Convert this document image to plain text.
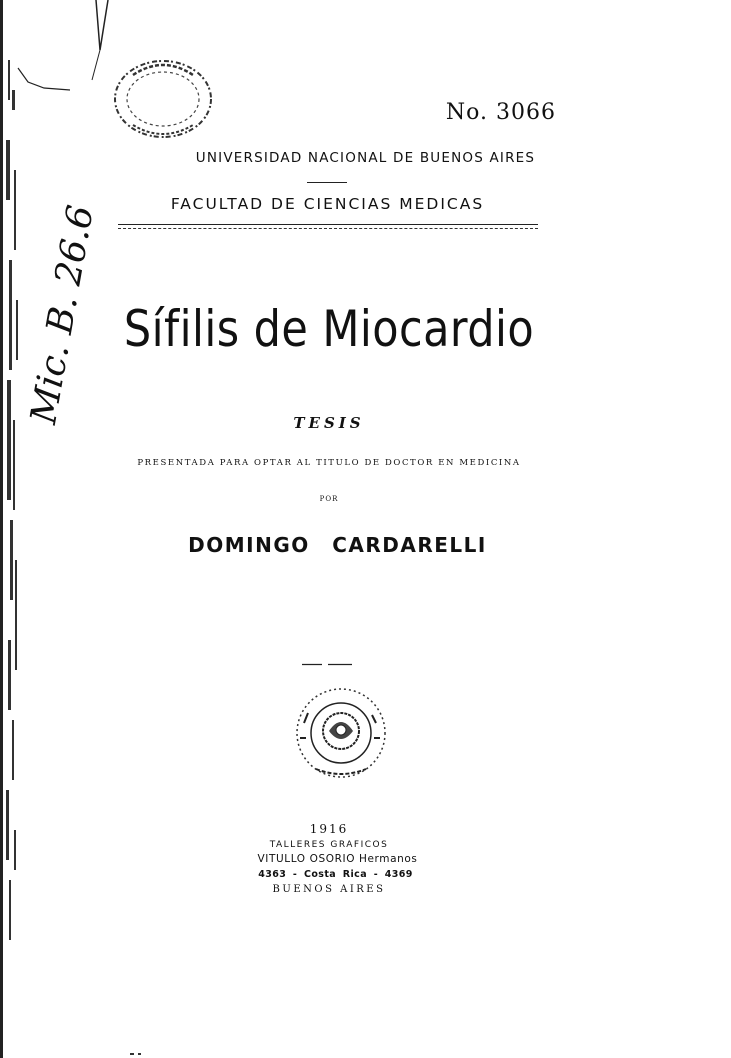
Mic. B. 26.6
No. 3066
UNIVERSIDAD NACIONAL DE BUENOS AIRES
FACULTAD DE CIENCIAS MEDICAS
Sífilis de Miocardio
TESIS
PRESENTADA PARA OPTAR AL TITULO DE DOCTOR EN MEDICINA
POR
DOMINGO CARDARELLI
1916
TALLERES GRAFICOS
VITULLO OSORIO Hermanos
4363 - Costa Rica - 4369
BUENOS AIRES
